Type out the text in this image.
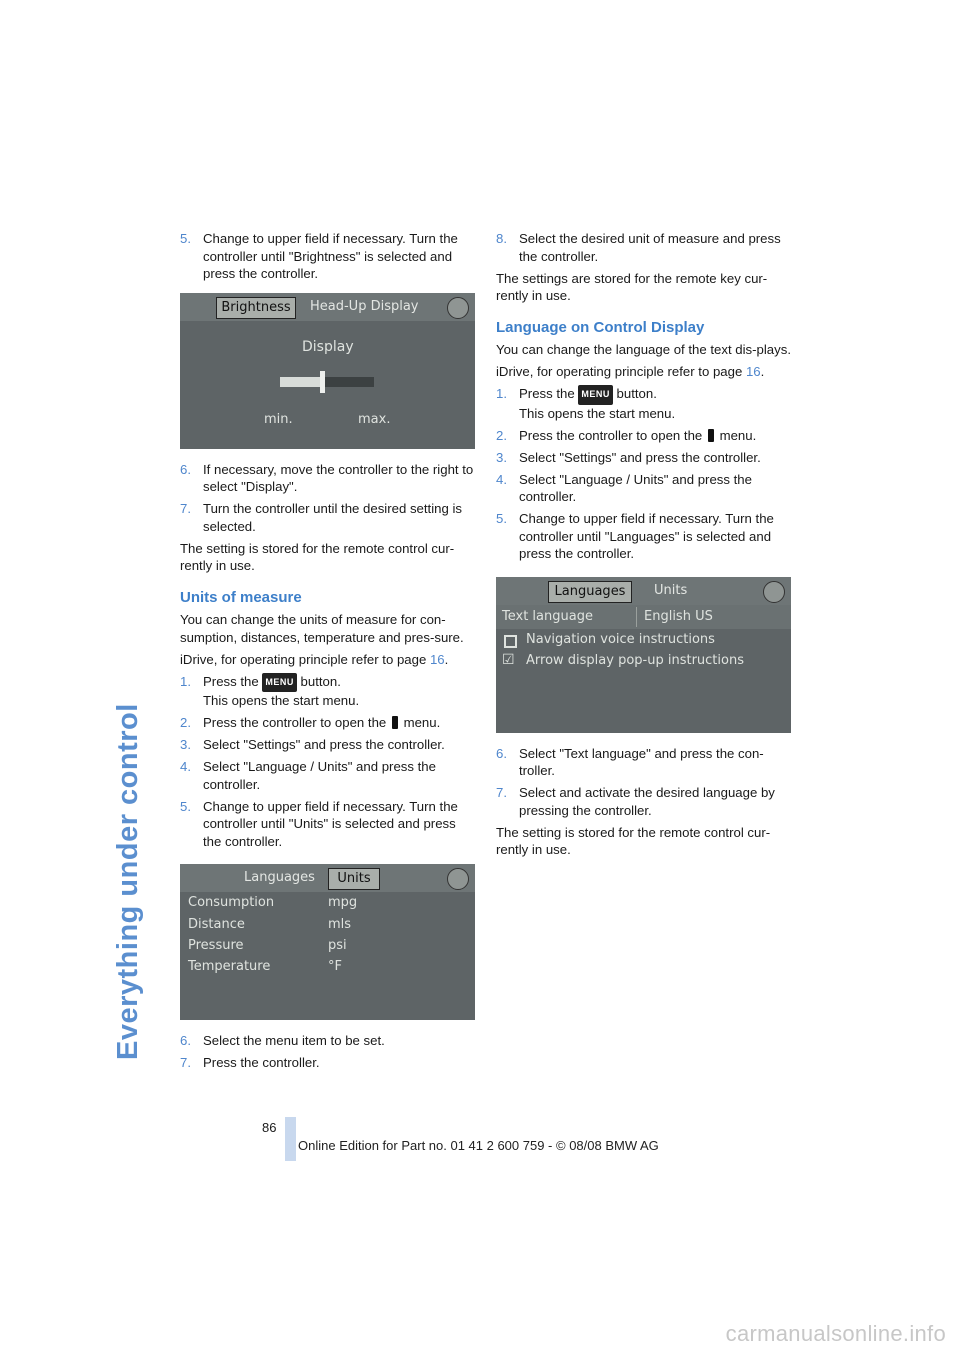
Everything under control
5. Change to upper field if necessary. Turn the controller until "Brightness" is selected and press the controller.
Brightness	Head-Up Display
Display
min.	max.
6. If necessary, move the controller to the right to select "Display".
7. Turn the controller until the desired setting is selected.

The setting is stored for the remote control cur-rently in use.

Units of measure

You can change the units of measure for con-sumption, distances, temperature and pres-sure.

iDrive, for operating principle refer to page 16.

1. Press the MENU button.
This opens the start menu.
2. Press the controller to open the  menu.
3. Select "Settings" and press the controller.
4. Select "Language / Units" and press the controller.
5. Change to upper field if necessary. Turn the controller until "Units" is selected and press the controller.
Languages	Units
Consumption	mpg
Distance	mls
Pressure	psi
Temperature	°F
6. Select the menu item to be set.
7. Press the controller.
8. Select the desired unit of measure and press the controller.

The settings are stored for the remote key cur-rently in use.

Language on Control Display

You can change the language of the text dis-plays.

iDrive, for operating principle refer to page 16.

1. Press the MENU button.
This opens the start menu.
2. Press the controller to open the  menu.
3. Select "Settings" and press the controller.
4. Select "Language / Units" and press the controller.
5. Change to upper field if necessary. Turn the controller until "Languages" is selected and press the controller.
Languages	Units
Text language	English US
Navigation voice instructions
☑ Arrow display pop-up instructions
6. Select "Text language" and press the con-troller.
7. Select and activate the desired language by pressing the controller.

The setting is stored for the remote control cur-rently in use.

86
Online Edition for Part no. 01 41 2 600 759 - © 08/08 BMW AG
carmanualsonline.info
